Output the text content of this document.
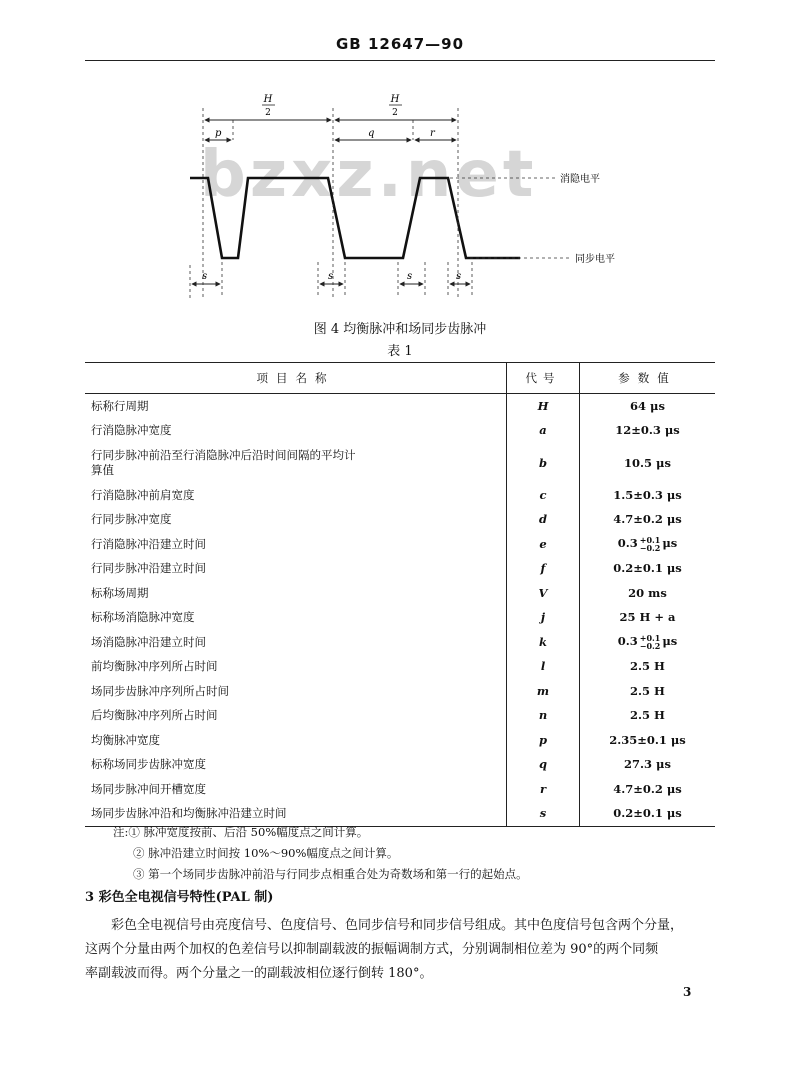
GB 12647—90
bzxz.net
H
2
H
2
p	q	r
s	s	s	s
消隐电平
同步电平
图 4 均衡脉冲和场同步齿脉冲
表 1
项目名称	代号	参数值
标称行周期	H	64 μs
行消隐脉冲宽度	a	12±0.3 μs
行同步脉冲前沿至行消隐脉冲后沿时间间隔的平均计
算值	b	10.5 μs
行消隐脉冲前肩宽度	c	1.5±0.3 μs
行同步脉冲宽度	d	4.7±0.2 μs
行消隐脉冲沿建立时间	e	0.3 +0.1
−0.2 μs
行同步脉冲沿建立时间	f	0.2±0.1 μs
标称场周期	V	20 ms
标称场消隐脉冲宽度	j	25 H + a
场消隐脉冲沿建立时间	k	0.3 +0.1
−0.2 μs
前均衡脉冲序列所占时间	l	2.5 H
场同步齿脉冲序列所占时间	m	2.5 H
后均衡脉冲序列所占时间	n	2.5 H
均衡脉冲宽度	p	2.35±0.1 μs
标称场同步齿脉冲宽度	q	27.3 μs
场同步脉冲间开槽宽度	r	4.7±0.2 μs
场同步齿脉冲沿和均衡脉冲沿建立时间	s	0.2±0.1 μs
注:① 脉冲宽度按前、后沿 50%幅度点之间计算。
② 脉冲沿建立时间按 10%～90%幅度点之间计算。
③ 第一个场同步齿脉冲前沿与行同步点相重合处为奇数场和第一行的起始点。
3 彩色全电视信号特性(PAL 制)
彩色全电视信号由亮度信号、色度信号、色同步信号和同步信号组成。其中色度信号包含两个分量，
这两个分量由两个加权的色差信号以抑制副载波的振幅调制方式，分别调制相位差为 90°的两个同频
率副载波而得。两个分量之一的副载波相位逐行倒转 180°。
3
